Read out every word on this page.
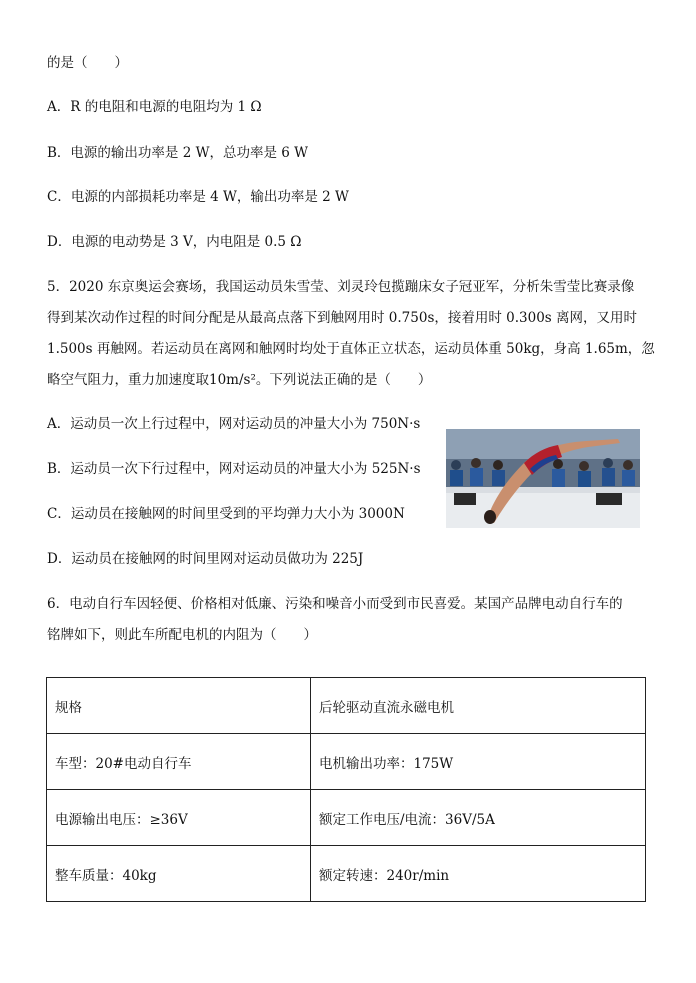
的是（　　）
A．R 的电阻和电源的电阻均为 1 Ω
B．电源的输出功率是 2 W，总功率是 6 W
C．电源的内部损耗功率是 4 W，输出功率是 2 W
D．电源的电动势是 3 V，内电阻是 0.5 Ω
5．2020 东京奥运会赛场，我国运动员朱雪莹、刘灵玲包揽蹦床女子冠亚军，分析朱雪莹比赛录像
得到某次动作过程的时间分配是从最高点落下到触网用时 0.750s，接着用时 0.300s 离网，又用时
1.500s 再触网。若运动员在离网和触网时均处于直体正立状态，运动员体重 50kg，身高 1.65m，忽
略空气阻力，重力加速度取10m/s²。下列说法正确的是（　　）
A．运动员一次上行过程中，网对运动员的冲量大小为 750N·s
B．运动员一次下行过程中，网对运动员的冲量大小为 525N·s
C．运动员在接触网的时间里受到的平均弹力大小为 3000N
D．运动员在接触网的时间里网对运动员做功为 225J
6．电动自行车因轻便、价格相对低廉、污染和噪音小而受到市民喜爱。某国产品牌电动自行车的
铭牌如下，则此车所配电机的内阻为（　　）
规格	后轮驱动直流永磁电机
车型：20#电动自行车	电机输出功率：175W
电源输出电压：≥36V	额定工作电压/电流：36V/5A
整车质量：40kg	额定转速：240r/min
